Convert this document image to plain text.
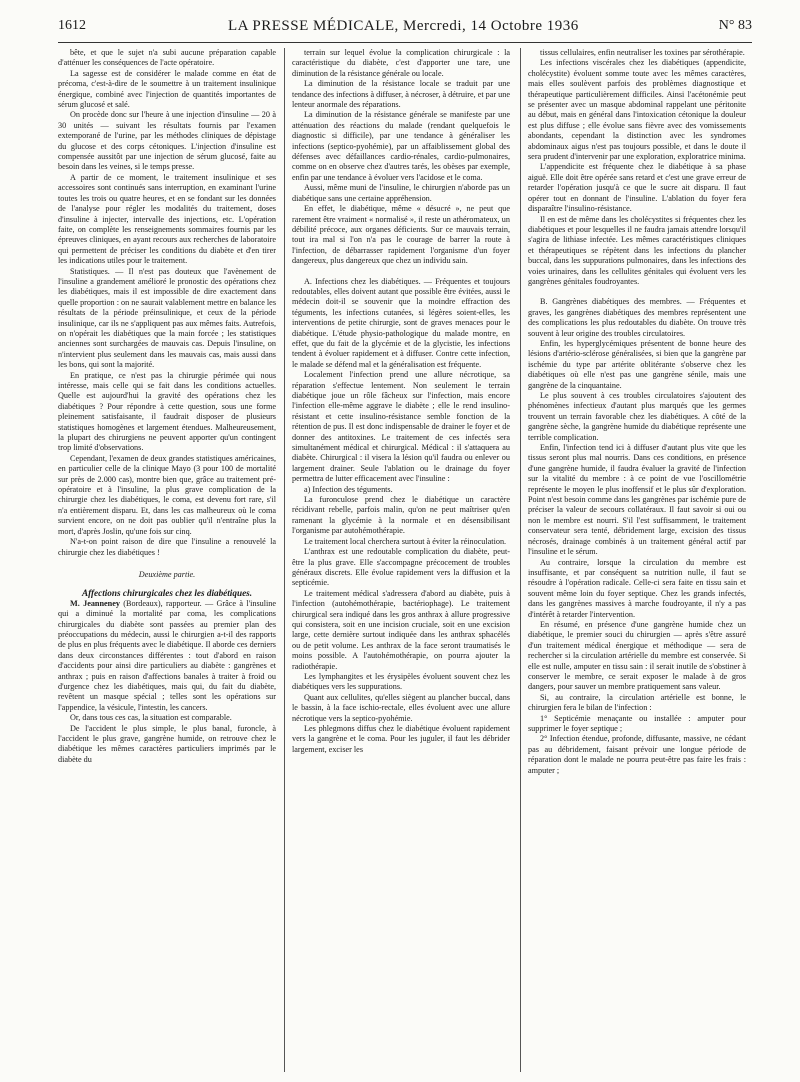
1612	LA PRESSE MÉDICALE, Mercredi, 14 Octobre 1936	N° 83

bête, et que le sujet n'a subi aucune préparation capable d'atténuer les conséquences de l'acte opératoire.

La sagesse est de considérer le malade comme en état de précoma, c'est-à-dire de le soumettre à un traitement insulinique énergique, combiné avec l'injection de quantités importantes de sérum glucosé et salé.

On procède donc sur l'heure à une injection d'insuline — 20 à 30 unités — suivant les résultats fournis par l'examen extemporané de l'urine, par les méthodes cliniques de dépistage du glucose et des corps cétoniques. L'injection d'insuline est compensée aussitôt par une injection de sérum glucosé, faite au besoin dans les veines, si le temps presse.

A partir de ce moment, le traitement insulinique et ses accessoires sont continués sans interruption, en examinant l'urine toutes les trois ou quatre heures, et en se fondant sur les données de l'analyse pour régler les modalités du traitement, doses d'insuline à injecter, intervalle des injections, etc. L'opération faite, on complète les renseignements sommaires fournis par les épreuves cliniques, en ayant recours aux recherches de laboratoire qui permettent de préciser les conditions du diabète et d'en tirer les indications utiles pour le traitement.

Statistiques. — Il n'est pas douteux que l'avènement de l'insuline a grandement amélioré le pronostic des opérations chez les diabétiques, mais il est impossible de dire exactement dans quelle proportion : on ne saurait valablement mettre en balance les résultats de la période préinsulinique, et ceux de la période insulinique, car ils ne s'appliquent pas aux mêmes faits. Autrefois, on n'opérait les diabétiques que la main forcée ; les statistiques anciennes sont surchargées de mauvais cas. Depuis l'insuline, on n'intervient plus seulement dans les mauvais cas, mais aussi dans les bons, qui sont la majorité.

En pratique, ce n'est pas la chirurgie périmée qui nous intéresse, mais celle qui se fait dans les conditions actuelles. Quelle est aujourd'hui la gravité des opérations chez les diabétiques ? Pour répondre à cette question, sous une forme pleinement satisfaisante, il faudrait disposer de plusieurs statistiques homogènes et largement étendues. Malheureusement, la plupart des chirurgiens ne peuvent apporter qu'un contingent trop limité d'observations.

Cependant, l'examen de deux grandes statistiques américaines, en particulier celle de la clinique Mayo (3 pour 100 de mortalité sur près de 2.000 cas), montre bien que, grâce au traitement pré-opératoire et à l'insuline, la plus grave complication de la chirurgie chez les diabétiques, le coma, est devenu fort rare, s'il n'a entièrement disparu. Et, dans les cas malheureux où le coma survient encore, on ne doit pas oublier qu'il n'entraîne plus la mort, d'après Joslin, qu'une fois sur cinq.

N'a-t-on point raison de dire que l'insuline a renouvelé la chirurgie chez les diabétiques !

Deuxième partie.

Affections chirurgicales chez les diabétiques.

M. Jeanneney (Bordeaux), rapporteur. — Grâce à l'insuline qui a diminué la mortalité par coma, les complications chirurgicales du diabète sont passées au premier plan des préoccupations du médecin, aussi le chirurgien a-t-il des rapports de plus en plus fréquents avec le diabétique. Il aborde ces derniers dans deux circonstances différentes : tout d'abord en raison d'accidents pour ainsi dire particuliers au diabète : gangrènes et anthrax ; puis en raison d'affections banales à traiter à froid ou d'urgence chez les diabétiques, mais qui, du fait du diabète, revêtent un masque spécial ; telles sont les opérations sur l'appendice, la vésicule, l'intestin, les cancers.

Or, dans tous ces cas, la situation est comparable.

De l'accident le plus simple, le plus banal, furoncle, à l'accident le plus grave, gangrène humide, on retrouve chez le diabétique les mêmes caractères particuliers imprimés par le diabète du

terrain sur lequel évolue la complication chirurgicale : la caractéristique du diabète, c'est d'apporter une tare, une diminution de la résistance générale ou locale.

La diminution de la résistance locale se traduit par une tendance des infections à diffuser, à nécroser, à détruire, et par une lenteur anormale des réparations.

La diminution de la résistance générale se manifeste par une atténuation des réactions du malade (rendant quelquefois le diagnostic si difficile), par une tendance à généraliser les infections (septico-pyohémie), par un affaiblissement global des défenses avec défaillances cardio-rénales, cardio-pulmonaires, comme on en observe chez d'autres tarés, les obèses par exemple, enfin par une tendance à évoluer vers l'acidose et le coma.

Aussi, même muni de l'insuline, le chirurgien n'aborde pas un diabétique sans une certaine appréhension.

En effet, le diabétique, même « désucré », ne peut que rarement être vraiment « normalisé », il reste un athéromateux, un débilité précoce, aux organes déficients. Sur ce mauvais terrain, tout ira mal si l'on n'a pas le courage de barrer la route à l'infection, de débarrasser rapidement l'organisme d'un foyer dangereux, plus dangereux que chez un individu sain.

A. Infections chez les diabétiques. — Fréquentes et toujours redoutables, elles doivent autant que possible être évitées, aussi le médecin doit-il se souvenir que la moindre effraction des téguments, les infections cutanées, si légères soient-elles, les interventions de petite chirurgie, sont de graves menaces pour le diabétique. L'étude physio-pathologique du malade montre, en effet, que du fait de la glycémie et de la glycistie, les infections tendent à évoluer rapidement et à diffuser. Contre cette infection, le malade se défend mal et la généralisation est fréquente.

Localement l'infection prend une allure nécrotique, sa réparation s'effectue lentement. Non seulement le terrain diabétique joue un rôle fâcheux sur l'infection, mais encore l'infection elle-même aggrave le diabète ; elle le rend insulino-résistant et cette insulino-résistance semble fonction de la rétention de pus. Il est donc indispensable de drainer le foyer et de donner des antitoxines. Le traitement de ces infectés sera simultanément médical et chirurgical. Médical : il s'attaquera au diabète. Chirurgical : il visera la lésion qu'il faudra ou enlever ou largement drainer. Seule l'ablation ou le drainage du foyer permettra de lutter efficacement avec l'insuline :

a) Infection des téguments.

La furonculose prend chez le diabétique un caractère récidivant rebelle, parfois malin, qu'on ne peut maîtriser qu'en ramenant la glycémie à la normale et en désensibilisant l'organisme par autohémothérapie.

Le traitement local cherchera surtout à éviter la réinoculation.

L'anthrax est une redoutable complication du diabète, peut-être la plus grave. Elle s'accompagne précocement de troubles généraux discrets. Elle évolue rapidement vers la diffusion et la septicémie.

Le traitement médical s'adressera d'abord au diabète, puis à l'infection (autohémothérapie, bactériophage). Le traitement chirurgical sera indiqué dans les gros anthrax à allure progressive qui consistera, soit en une incision cruciale, soit en une excision large, cette dernière surtout indiquée dans les anthrax sphacélés ou de petit volume. Les anthrax de la face seront traumatisés le moins possible. A l'autohémothérapie, on pourra ajouter la radiothérapie.

Les lymphangites et les érysipèles évoluent souvent chez les diabétiques vers les suppurations.

Quant aux cellulites, qu'elles siègent au plancher buccal, dans le bassin, à la face ischio-rectale, elles évoluent avec une allure nécrotique vers la septico-pyohémie.

Les phlegmons diffus chez le diabétique évoluent rapidement vers la gangrène et le coma. Pour les juguler, il faut les débrider largement, exciser les

tissus cellulaires, enfin neutraliser les toxines par sérothérapie.

Les infections viscérales chez les diabétiques (appendicite, cholécystite) évoluent somme toute avec les mêmes caractères, mais elles soulèvent parfois des problèmes diagnostique et thérapeutique particulièrement difficiles. Ainsi l'acétonémie peut se présenter avec un masque abdominal rappelant une péritonite au début, mais en général dans l'intoxication cétonique la douleur est plus diffuse ; elle évolue sans fièvre avec des vomissements abondants, cependant la distinction avec les syndromes abdominaux aigus n'est pas toujours possible, et dans le doute il sera prudent d'intervenir par une exploration, exploratrice minima.

L'appendicite est fréquente chez le diabétique à sa phase aiguë. Elle doit être opérée sans retard et c'est une grave erreur de retarder l'opération jusqu'à ce que le sucre ait disparu. Il faut opérer tout en donnant de l'insuline. L'ablation du foyer fera disparaître l'insulino-résistance.

Il en est de même dans les cholécystites si fréquentes chez les diabétiques et pour lesquelles il ne faudra jamais attendre lorsqu'il s'agira de lithiase infectée. Les mêmes caractéristiques cliniques et thérapeutiques se répètent dans les infections du plancher buccal, dans les suppurations pulmonaires, dans les infections des voies urinaires, dans les cellulites génitales qui évoluent vers les gangrènes génitales foudroyantes.

B. Gangrènes diabétiques des membres. — Fréquentes et graves, les gangrènes diabétiques des membres représentent une des complications les plus redoutables du diabète. On trouve très souvent à leur origine des troubles circulatoires.

Enfin, les hyperglycémiques présentent de bonne heure des lésions d'artério-sclérose généralisées, si bien que la gangrène par ischémie du type par artérite oblitérante s'observe chez les diabétiques où elle n'est pas une gangrène sénile, mais une gangrène de la cinquantaine.

Le plus souvent à ces troubles circulatoires s'ajoutent des phénomènes infectieux d'autant plus marqués que les germes trouvent un terrain favorable chez les diabétiques. A côté de la gangrène sèche, la gangrène humide du diabétique représente une terrible complication.

Enfin, l'infection tend ici à diffuser d'autant plus vite que les tissus seront plus mal nourris. Dans ces conditions, en présence d'une gangrène humide, il faudra évaluer la gravité de l'infection sur la vitalité du membre : à ce point de vue l'oscillométrie représente le moyen le plus inoffensif et le plus sûr d'exploration. Point n'est besoin comme dans les gangrènes par ischémie pure de préciser la valeur de secours collatéraux. Il faut savoir si oui ou non le membre est nourri. S'il l'est suffisamment, le traitement conservateur sera tenté, débridement large, excision des tissus nécrosés, drainage combinés à un traitement général actif par l'insuline et le sérum.

Au contraire, lorsque la circulation du membre est insuffisante, et par conséquent sa nutrition nulle, il faut se résoudre à l'opération radicale. Celle-ci sera faite en tissu sain et souvent même loin du foyer septique. Chez les grands infectés, dans les gangrènes massives à marche foudroyante, il n'y a pas d'intérêt à retarder l'intervention.

En résumé, en présence d'une gangrène humide chez un diabétique, le premier souci du chirurgien — après s'être assuré d'un traitement médical énergique et méthodique — sera de rechercher si la circulation artérielle du membre est conservée. Si elle est nulle, amputer en tissu sain : il serait inutile de s'obstiner à conserver le membre, ce serait exposer le malade à de gros dangers, pour sauver un membre pratiquement sans valeur.

Si, au contraire, la circulation artérielle est bonne, le chirurgien fera le bilan de l'infection :

1° Septicémie menaçante ou installée : amputer pour supprimer le foyer septique ;

2° Infection étendue, profonde, diffusante, massive, ne cédant pas au débridement, faisant prévoir une longue période de réparation dont le malade ne pourra peut-être pas faire les frais : amputer ;
